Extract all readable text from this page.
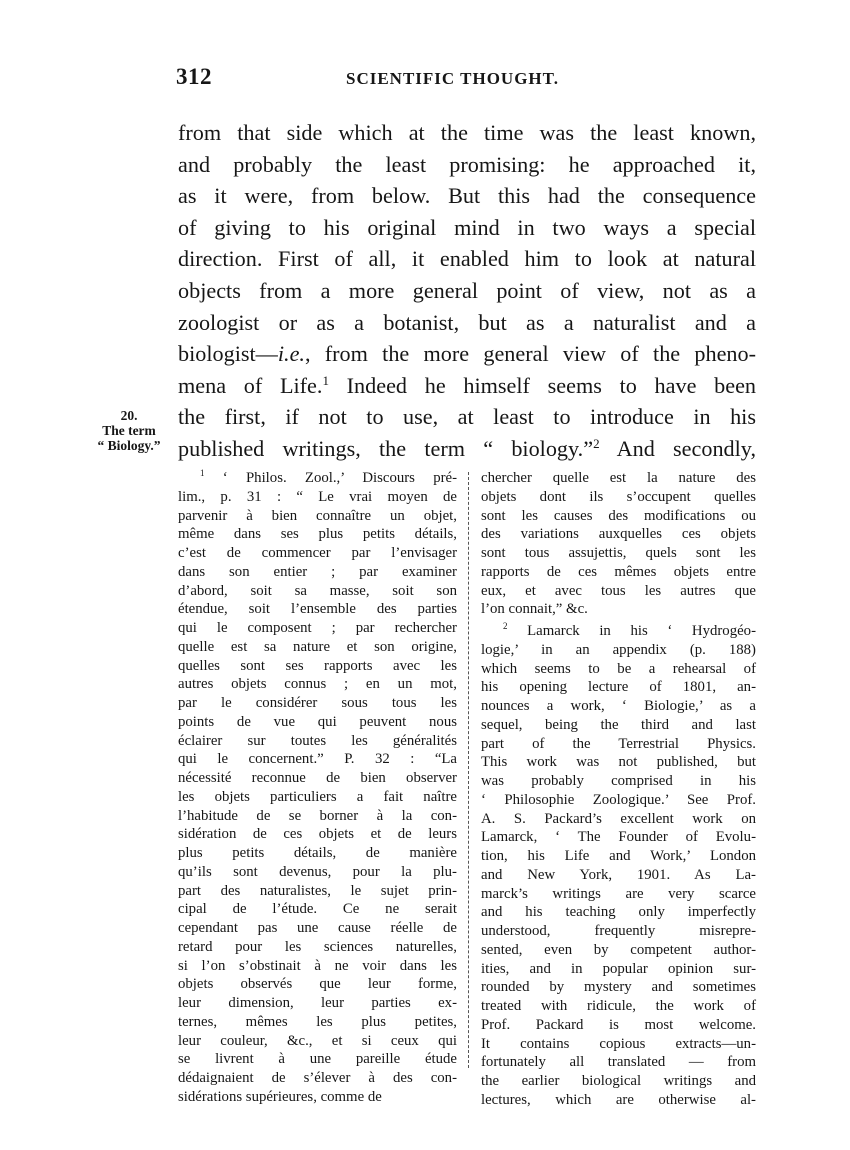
312	SCIENTIFIC THOUGHT.
from that side which at the time was the least known,
and probably the least promising: he approached it,
as it were, from below. But this had the consequence
of giving to his original mind in two ways a special
direction. First of all, it enabled him to look at natural
objects from a more general point of view, not as a
zoologist or as a botanist, but as a naturalist and a
biologist—i.e., from the more general view of the pheno-
mena of Life.$^1$ Indeed he himself seems to have been
the first, if not to use, at least to introduce in his
published writings, the term “ biology.”$^2$ And secondly,
20.
The term
“ Biology.”
$^1$ ‘ Philos. Zool.,’ Discours pré-
lim., p. 31 : “ Le vrai moyen de
parvenir à bien connaître un objet,
même dans ses plus petits détails,
c’est de commencer par l’envisager
dans son entier ; par examiner
d’abord, soit sa masse, soit son
étendue, soit l’ensemble des parties
qui le composent ; par rechercher
quelle est sa nature et son origine,
quelles sont ses rapports avec les
autres objets connus ; en un mot,
par le considérer sous tous les
points de vue qui peuvent nous
éclairer sur toutes les généralités
qui le concernent.” P. 32 : “La
nécessité reconnue de bien observer
les objets particuliers a fait naître
l’habitude de se borner à la con-
sidération de ces objets et de leurs
plus petits détails, de manière
qu’ils sont devenus, pour la plu-
part des naturalistes, le sujet prin-
cipal de l’étude. Ce ne serait
cependant pas une cause réelle de
retard pour les sciences naturelles,
si l’on s’obstinait à ne voir dans les
objets observés que leur forme,
leur dimension, leur parties ex-
ternes, mêmes les plus petites,
leur couleur, &c., et si ceux qui
se livrent à une pareille étude
dédaignaient de s’élever à des con-
sidérations supérieures, comme de
chercher quelle est la nature des
objets dont ils s’occupent quelles
sont les causes des modifications ou
des variations auxquelles ces objets
sont tous assujettis, quels sont les
rapports de ces mêmes objets entre
eux, et avec tous les autres que
l’on connait,” &c.
$^2$ Lamarck in his ‘ Hydrogéo-
logie,’ in an appendix (p. 188)
which seems to be a rehearsal of
his opening lecture of 1801, an-
nounces a work, ‘ Biologie,’ as a
sequel, being the third and last
part of the Terrestrial Physics.
This work was not published, but
was probably comprised in his
‘ Philosophie Zoologique.’ See Prof.
A. S. Packard’s excellent work on
Lamarck, ‘ The Founder of Evolu-
tion, his Life and Work,’ London
and New York, 1901. As La-
marck’s writings are very scarce
and his teaching only imperfectly
understood, frequently misrepre-
sented, even by competent author-
ities, and in popular opinion sur-
rounded by mystery and sometimes
treated with ridicule, the work of
Prof. Packard is most welcome.
It contains copious extracts—un-
fortunately all translated — from
the earlier biological writings and
lectures, which are otherwise al-
